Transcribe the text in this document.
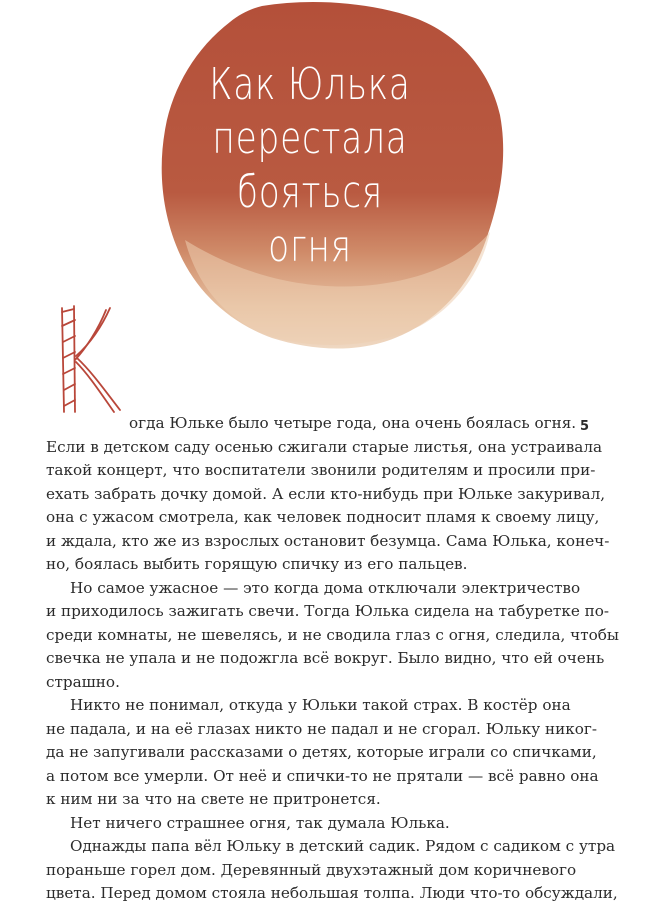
Как Юлька
перестала
бояться огня
5
огда Юльке было четыре года, она очень боялась огня.
Если в детском саду осенью сжигали старые листья, она устраивала
такой концерт, что воспитатели звонили родителям и просили при-
ехать забрать дочку домой. А если кто-нибудь при Юльке закуривал,
она с ужасом смотрела, как человек подносит пламя к своему лицу,
и ждала, кто же из взрослых остановит безумца. Сама Юлька, конеч-
но, боялась выбить горящую спичку из его пальцев.
Но самое ужасное — это когда дома отключали электричество
и приходилось зажигать свечи. Тогда Юлька сидела на табуретке по-
среди комнаты, не шевелясь, и не сводила глаз с огня, следила, чтобы
свечка не упала и не подожгла всё вокруг. Было видно, что ей очень
страшно.
Никто не понимал, откуда у Юльки такой страх. В костёр она
не падала, и на её глазах никто не падал и не сгорал. Юльку никог-
да не запугивали рассказами о детях, которые играли со спичками,
а потом все умерли. От неё и спички-то не прятали — всё равно она
к ним ни за что на свете не притронется.
Нет ничего страшнее огня, так думала Юлька.
Однажды папа вёл Юльку в детский садик. Рядом с садиком с утра
пораньше горел дом. Деревянный двухэтажный дом коричневого
цвета. Перед домом стояла небольшая толпа. Люди что-то обсуждали,
